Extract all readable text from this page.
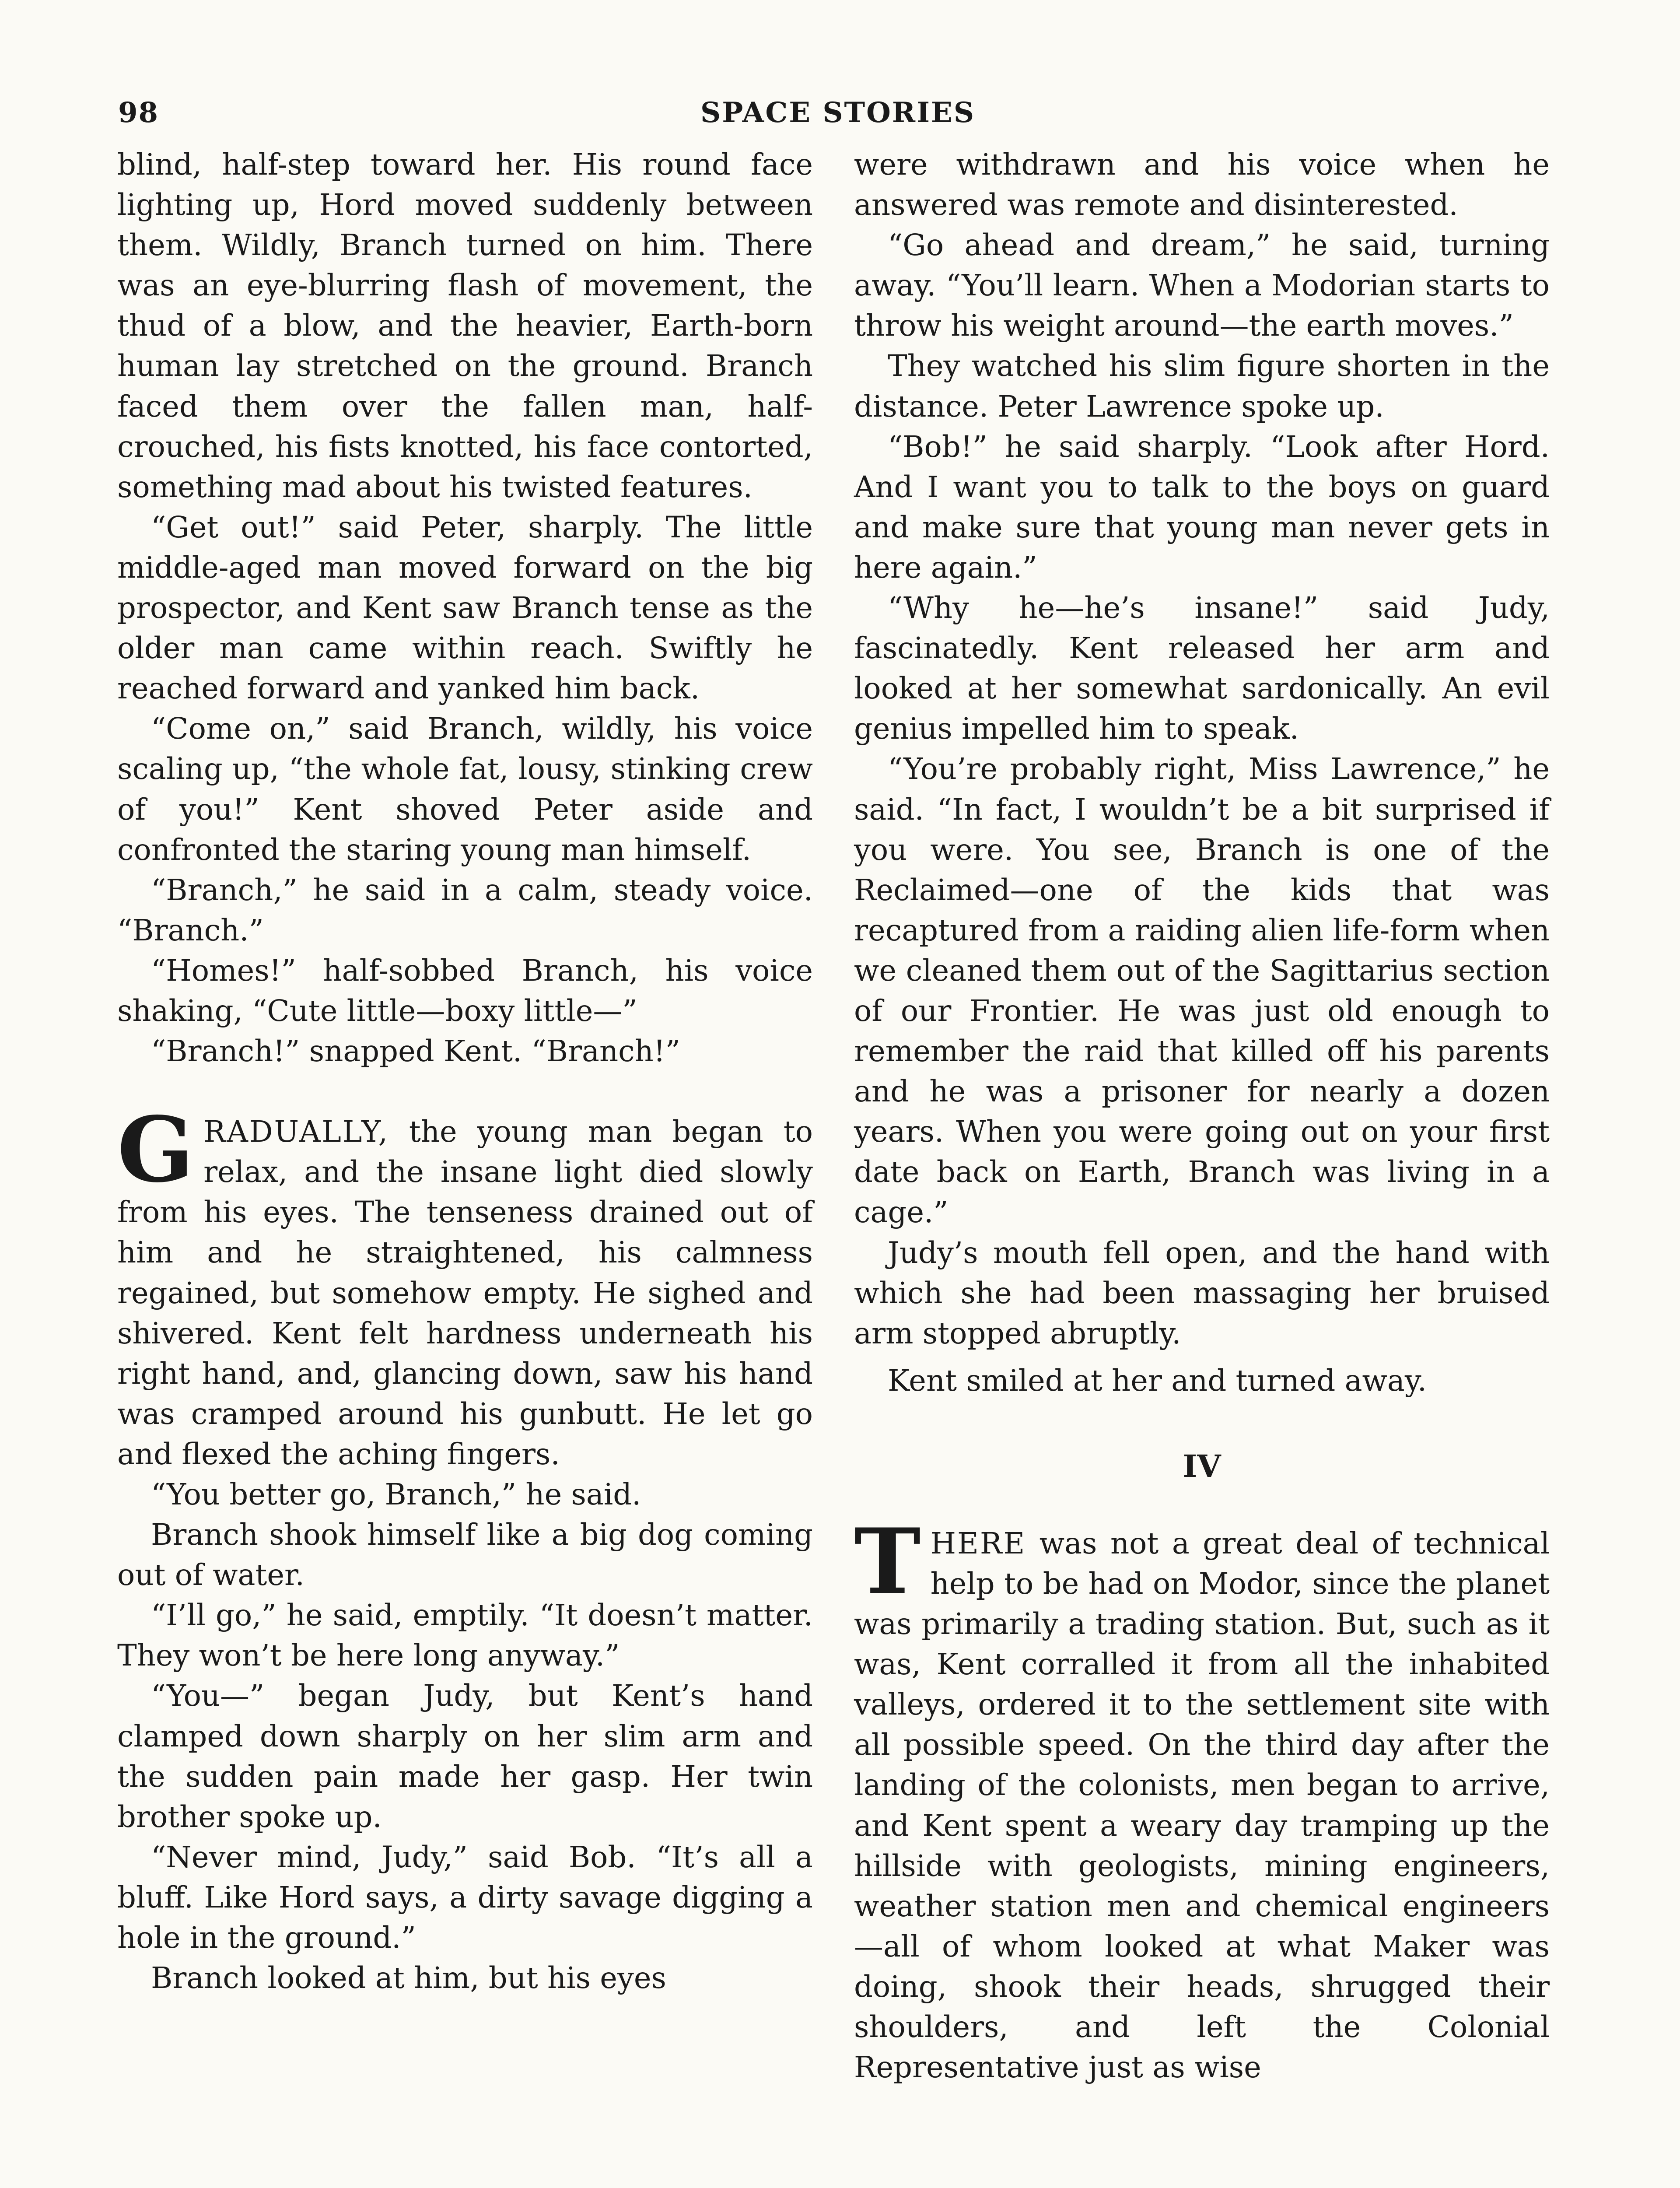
98	SPACE STORIES

blind, half-step toward her. His round face lighting up, Hord moved suddenly between them. Wildly, Branch turned on him. There was an eye-blurring flash of movement, the thud of a blow, and the heavier, Earth-born human lay stretched on the ground. Branch faced them over the fallen man, half-crouched, his fists knotted, his face contorted, something mad about his twisted features.

“Get out!” said Peter, sharply. The little middle-aged man moved forward on the big prospector, and Kent saw Branch tense as the older man came within reach. Swiftly he reached forward and yanked him back.

“Come on,” said Branch, wildly, his voice scaling up, “the whole fat, lousy, stinking crew of you!” Kent shoved Peter aside and confronted the staring young man himself.

“Branch,” he said in a calm, steady voice. “Branch.”

“Homes!” half-sobbed Branch, his voice shaking, “Cute little—boxy little—”

“Branch!” snapped Kent. “Branch!”

GRADUALLY, the young man began to relax, and the insane light died slowly from his eyes. The tenseness drained out of him and he straightened, his calmness regained, but somehow empty. He sighed and shivered. Kent felt hardness underneath his right hand, and, glancing down, saw his hand was cramped around his gunbutt. He let go and flexed the aching fingers.

“You better go, Branch,” he said.

Branch shook himself like a big dog coming out of water.

“I’ll go,” he said, emptily. “It doesn’t matter. They won’t be here long anyway.”

“You—” began Judy, but Kent’s hand clamped down sharply on her slim arm and the sudden pain made her gasp. Her twin brother spoke up.

“Never mind, Judy,” said Bob. “It’s all a bluff. Like Hord says, a dirty savage digging a hole in the ground.”

Branch looked at him, but his eyes

were withdrawn and his voice when he answered was remote and disinterested.

“Go ahead and dream,” he said, turning away. “You’ll learn. When a Modorian starts to throw his weight around—the earth moves.”

They watched his slim figure shorten in the distance. Peter Lawrence spoke up.

“Bob!” he said sharply. “Look after Hord. And I want you to talk to the boys on guard and make sure that young man never gets in here again.”

“Why he—he’s insane!” said Judy, fascinatedly. Kent released her arm and looked at her somewhat sardonically. An evil genius impelled him to speak.

“You’re probably right, Miss Lawrence,” he said. “In fact, I wouldn’t be a bit surprised if you were. You see, Branch is one of the Reclaimed—one of the kids that was recaptured from a raiding alien life-form when we cleaned them out of the Sagittarius section of our Frontier. He was just old enough to remember the raid that killed off his parents and he was a prisoner for nearly a dozen years. When you were going out on your first date back on Earth, Branch was living in a cage.”

Judy’s mouth fell open, and the hand with which she had been massaging her bruised arm stopped abruptly.

Kent smiled at her and turned away.

IV

THERE was not a great deal of technical help to be had on Modor, since the planet was primarily a trading station. But, such as it was, Kent corralled it from all the inhabited valleys, ordered it to the settlement site with all possible speed. On the third day after the landing of the colonists, men began to arrive, and Kent spent a weary day tramping up the hillside with geologists, mining engineers, weather station men and chemical engineers—all of whom looked at what Maker was doing, shook their heads, shrugged their shoulders, and left the Colonial Representative just as wise
